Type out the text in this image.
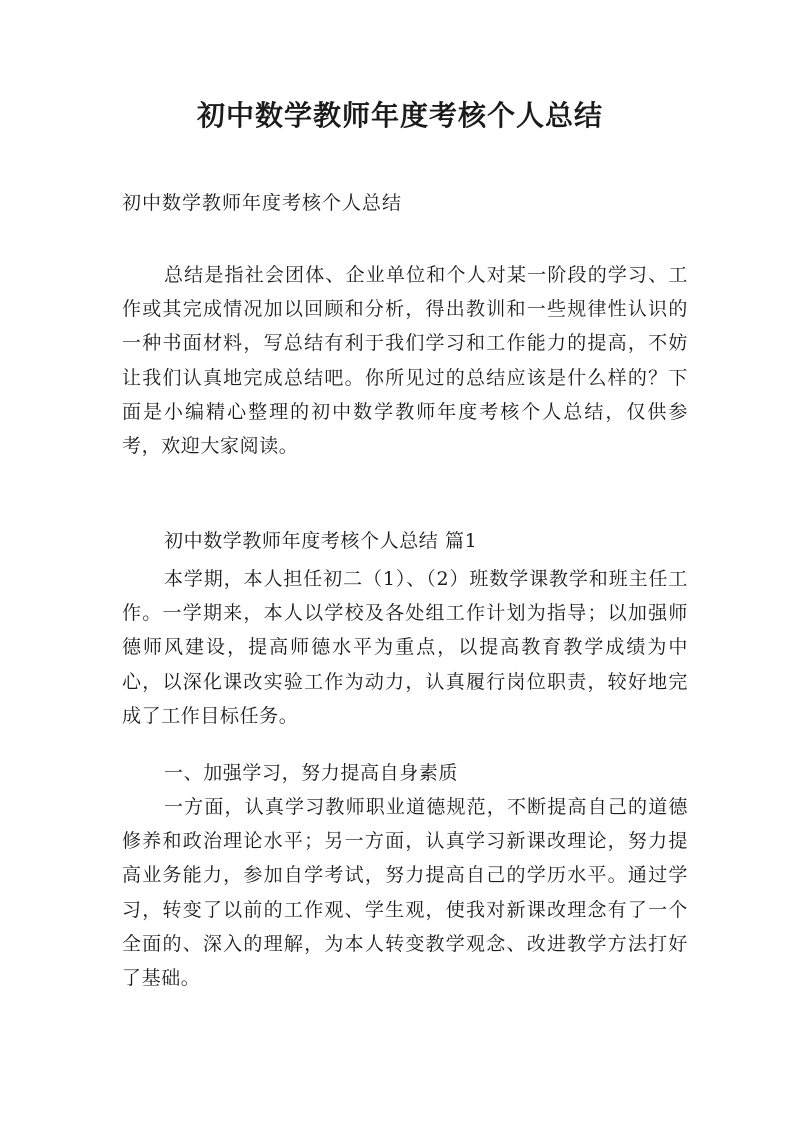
初中数学教师年度考核个人总结
初中数学教师年度考核个人总结

总结是指社会团体、企业单位和个人对某一阶段的学习、工作或其完成情况加以回顾和分析，得出教训和一些规律性认识的一种书面材料，写总结有利于我们学习和工作能力的提高，不妨让我们认真地完成总结吧。你所见过的总结应该是什么样的？下面是小编精心整理的初中数学教师年度考核个人总结，仅供参考，欢迎大家阅读。

初中数学教师年度考核个人总结 篇1

本学期，本人担任初二（1）、（2）班数学课教学和班主任工作。一学期来，本人以学校及各处组工作计划为指导；以加强师德师风建设，提高师德水平为重点，以提高教育教学成绩为中心，以深化课改实验工作为动力，认真履行岗位职责，较好地完成了工作目标任务。

一、加强学习，努力提高自身素质

一方面，认真学习教师职业道德规范，不断提高自己的道德修养和政治理论水平；另一方面，认真学习新课改理论，努力提高业务能力，参加自学考试，努力提高自己的学历水平。通过学习，转变了以前的工作观、学生观，使我对新课改理念有了一个全面的、深入的理解，为本人转变教学观念、改进教学方法打好了基础。
